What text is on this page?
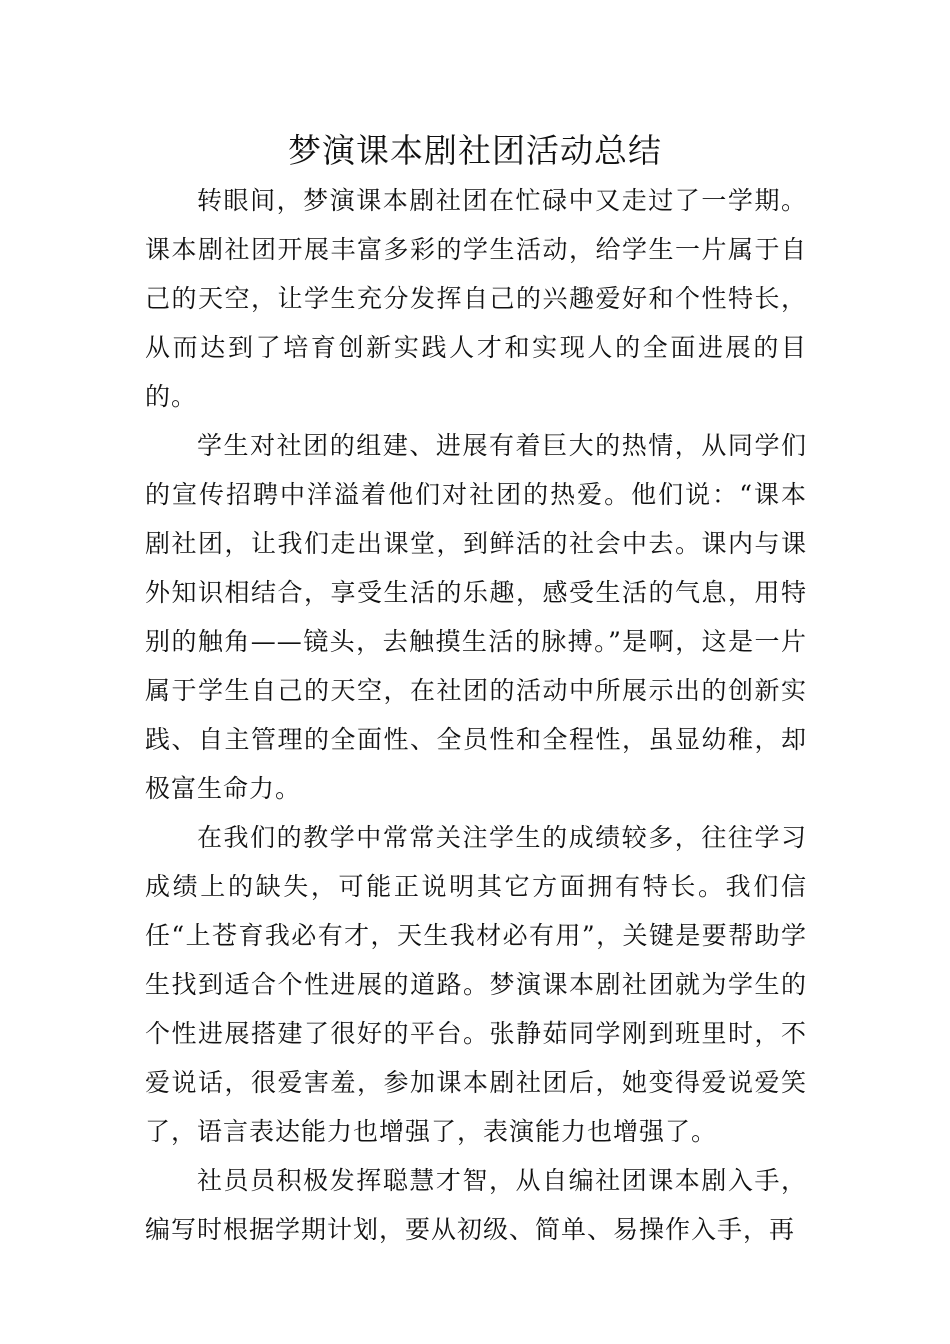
梦演课本剧社团活动总结

转眼间，梦演课本剧社团在忙碌中又走过了一学期。课本剧社团开展丰富多彩的学生活动，给学生一片属于自己的天空，让学生充分发挥自己的兴趣爱好和个性特长，从而达到了培育创新实践人才和实现人的全面进展的目的。

学生对社团的组建、进展有着巨大的热情，从同学们的宣传招聘中洋溢着他们对社团的热爱。他们说：“课本剧社团，让我们走出课堂，到鲜活的社会中去。课内与课外知识相结合，享受生活的乐趣，感受生活的气息，用特别的触角——镜头，去触摸生活的脉搏。”是啊，这是一片属于学生自己的天空，在社团的活动中所展示出的创新实践、自主管理的全面性、全员性和全程性，虽显幼稚，却极富生命力。

在我们的教学中常常关注学生的成绩较多，往往学习成绩上的缺失，可能正说明其它方面拥有特长。我们信任“上苍育我必有才，天生我材必有用”，关键是要帮助学生找到适合个性进展的道路。梦演课本剧社团就为学生的个性进展搭建了很好的平台。张静茹同学刚到班里时，不爱说话，很爱害羞，参加课本剧社团后，她变得爱说爱笑了，语言表达能力也增强了，表演能力也增强了。

社员员积极发挥聪慧才智，从自编社团课本剧入手，编写时根据学期计划，要从初级、简单、易操作入手，再
